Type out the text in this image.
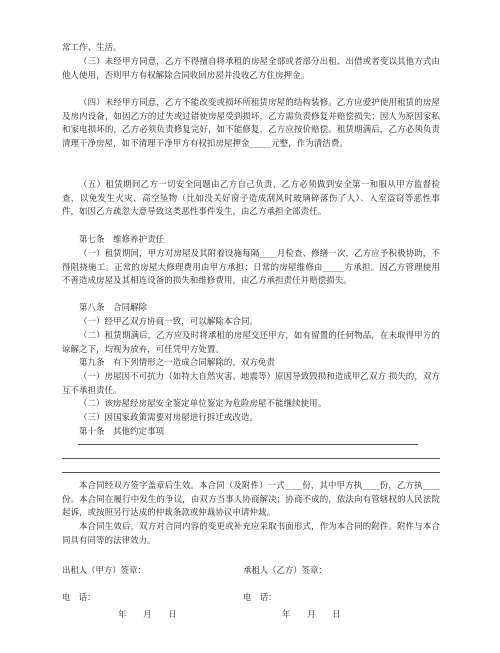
常工作、生活。

（三）未经甲方同意，乙方不得擅自将承租的房屋全部或者部分出租、出借或者变以其他方式由他人使用，否则甲方有权解除合同收回房屋并没收乙方住房押金。

（四）未经甲方同意，乙方不能改变或损坏所租赁房屋的结构装修。乙方应爱护使用租赁的房屋及房内设备，如因乙方的过失或过错使房屋受到损坏，乙方需负责修复并赔偿损失；因人为原因家私和家电损坏的，乙方必须负责修复完好，如不能修复，乙方应按价赔偿。租赁期满后，乙方必须负责清理干净房屋，如不清理干净甲方有权扣房屋押金_____元整，作为清洁费。

（五）租赁期间乙方一切安全问题由乙方自己负责，乙方必须做到安全第一和服从甲方监督检查，以免发生火灾、高空坠物（比如没关好窗子造成刮风时玻璃碎落伤了人）、入室盗窃等恶性事件，如因乙方疏忽大意导致这类恶性事件发生，由乙方承担全部责任。

第七条　维修养护责任

（一）租赁期间，甲方对房屋及其附着设施每隔____月检查、修缮一次，乙方应予积极协助，不得阻挠施工。正常的房屋大修理费用由甲方承担；日常的房屋维修由_____方承担。因乙方管理使用不善造成房屋及其相连设备的损失和维修费用，由乙方承担责任并赔偿损失。

第八条　合同解除

（一）经甲乙双方协商一致，可以解除本合同。

（二）租赁期满后，乙方应及时将承租的房屋交还甲方，如有留置的任何物品，在未取得甲方的谅解之下，均视为放弃，可任凭甲方处置。

第九条　有下列情形之一造成合同解除的，双方免责

（一）房屋因不可抗力（如特大自然灾害、地震等）原因导致毁损和造成甲乙双方 损失的，双方互不承担责任。

（二）该房屋经房屋安全鉴定单位鉴定为危险房屋不能继续使用。

（三）因国家政策需要对房屋进行拆迁或改造。

第十条　其他约定事项

本合同经双方签字盖章后生效。本合同（及附件）一式____份，其中甲方执____份，乙方执____份。本合同在履行中发生的争议，由双方当事人协商解决；协商不成的，依法向有管辖权的人民法院起诉，或按照另行达成的仲裁条款或仲裁协议申请仲裁。

本合同生效后，双方对合同内容的变更或补充应采取书面形式，作为本合同的附件。附件与本合同具有同等的法律效力。

出租人（甲方）签章：	承租人（乙方）签章：
电　话：	电　话：
年　　月　　日	年　　月　　日
